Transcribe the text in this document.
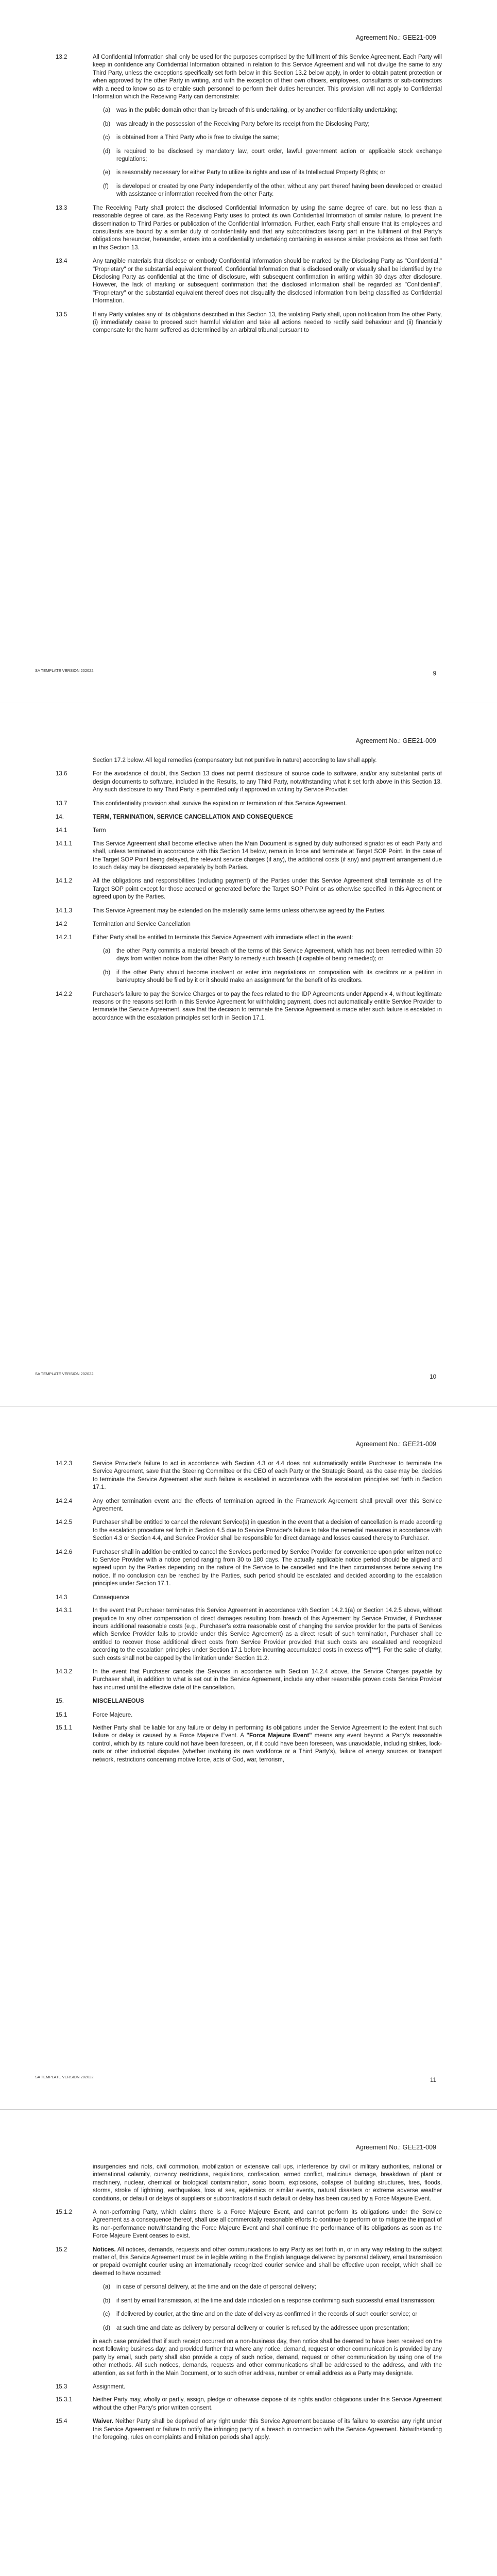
Agreement No.: GEE21-009
13.2	All Confidential Information shall only be used for the purposes comprised by the fulfilment of this Service Agreement. Each Party will keep in confidence any Confidential Information obtained in relation to this Service Agreement and will not divulge the same to any Third Party, unless the exceptions specifically set forth below in this Section 13.2 below apply, in order to obtain patent protection or when approved by the other Party in writing, and with the exception of their own officers, employees, consultants or sub-contractors with a need to know so as to enable such personnel to perform their duties hereunder. This provision will not apply to Confidential Information which the Receiving Party can demonstrate:
(a) was in the public domain other than by breach of this undertaking, or by another confidentiality undertaking;
(b) was already in the possession of the Receiving Party before its receipt from the Disclosing Party;
(c) is obtained from a Third Party who is free to divulge the same;
(d) is required to be disclosed by mandatory law, court order, lawful government action or applicable stock exchange regulations;
(e) is reasonably necessary for either Party to utilize its rights and use of its Intellectual Property Rights; or
(f) is developed or created by one Party independently of the other, without any part thereof having been developed or created with assistance or information received from the other Party.
13.3	The Receiving Party shall protect the disclosed Confidential Information by using the same degree of care, but no less than a reasonable degree of care, as the Receiving Party uses to protect its own Confidential Information of similar nature, to prevent the dissemination to Third Parties or publication of the Confidential Information. Further, each Party shall ensure that its employees and consultants are bound by a similar duty of confidentiality and that any subcontractors taking part in the fulfilment of that Party's obligations hereunder, hereunder, enters into a confidentiality undertaking containing in essence similar provisions as those set forth in this Section 13.
13.4	Any tangible materials that disclose or embody Confidential Information should be marked by the Disclosing Party as "Confidential," "Proprietary" or the substantial equivalent thereof. Confidential Information that is disclosed orally or visually shall be identified by the Disclosing Party as confidential at the time of disclosure, with subsequent confirmation in writing within 30 days after disclosure. However, the lack of marking or subsequent confirmation that the disclosed information shall be regarded as "Confidential", "Proprietary" or the substantial equivalent thereof does not disqualify the disclosed information from being classified as Confidential Information.
13.5	If any Party violates any of its obligations described in this Section 13, the violating Party shall, upon notification from the other Party, (i) immediately cease to proceed such harmful violation and take all actions needed to rectify said behaviour and (ii) financially compensate for the harm suffered as determined by an arbitral tribunal pursuant to
SA TEMPLATE VERSION 202022
9
Agreement No.: GEE21-009
Section 17.2 below. All legal remedies (compensatory but not punitive in nature) according to law shall apply.
13.6	For the avoidance of doubt, this Section 13 does not permit disclosure of source code to software, and/or any substantial parts of design documents to software, included in the Results, to any Third Party, notwithstanding what it set forth above in this Section 13. Any such disclosure to any Third Party is permitted only if approved in writing by Service Provider.
13.7	This confidentiality provision shall survive the expiration or termination of this Service Agreement.
14.	TERM, TERMINATION, SERVICE CANCELLATION AND CONSEQUENCE
14.1	Term
14.1.1	This Service Agreement shall become effective when the Main Document is signed by duly authorised signatories of each Party and shall, unless terminated in accordance with this Section 14 below, remain in force and terminate at Target SOP Point. In the case of the Target SOP Point being delayed, the relevant service charges (if any), the additional costs (if any) and payment arrangement due to such delay may be discussed separately by both Parties.
14.1.2	All the obligations and responsibilities (including payment) of the Parties under this Service Agreement shall terminate as of the Target SOP point except for those accrued or generated before the Target SOP Point or as otherwise specified in this Agreement or agreed upon by the Parties.
14.1.3	This Service Agreement may be extended on the materially same terms unless otherwise agreed by the Parties.
14.2	Termination and Service Cancellation
14.2.1	Either Party shall be entitled to terminate this Service Agreement with immediate effect in the event:
(a) the other Party commits a material breach of the terms of this Service Agreement, which has not been remedied within 30 days from written notice from the other Party to remedy such breach (if capable of being remedied); or
(b) if the other Party should become insolvent or enter into negotiations on composition with its creditors or a petition in bankruptcy should be filed by it or it should make an assignment for the benefit of its creditors.
14.2.2	Purchaser's failure to pay the Service Charges or to pay the fees related to the IDP Agreements under Appendix 4, without legitimate reasons or the reasons set forth in this Service Agreement for withholding payment, does not automatically entitle Service Provider to terminate the Service Agreement, save that the decision to terminate the Service Agreement is made after such failure is escalated in accordance with the escalation principles set forth in Section 17.1.
SA TEMPLATE VERSION 202022
10
Agreement No.: GEE21-009
14.2.3	Service Provider's failure to act in accordance with Section 4.3 or 4.4 does not automatically entitle Purchaser to terminate the Service Agreement, save that the Steering Committee or the CEO of each Party or the Strategic Board, as the case may be, decides to terminate the Service Agreement after such failure is escalated in accordance with the escalation principles set forth in Section 17.1.
14.2.4	Any other termination event and the effects of termination agreed in the Framework Agreement shall prevail over this Service Agreement.
14.2.5	Purchaser shall be entitled to cancel the relevant Service(s) in question in the event that a decision of cancellation is made according to the escalation procedure set forth in Section 4.5 due to Service Provider's failure to take the remedial measures in accordance with Section 4.3 or Section 4.4, and Service Provider shall be responsible for direct damage and losses caused thereby to Purchaser.
14.2.6	Purchaser shall in addition be entitled to cancel the Services performed by Service Provider for convenience upon prior written notice to Service Provider with a notice period ranging from 30 to 180 days. The actually applicable notice period should be aligned and agreed upon by the Parties depending on the nature of the Service to be cancelled and the then circumstances before serving the notice. If no conclusion can be reached by the Parties, such period should be escalated and decided according to the escalation principles under Section 17.1.
14.3	Consequence
14.3.1	In the event that Purchaser terminates this Service Agreement in accordance with Section 14.2.1(a) or Section 14.2.5 above, without prejudice to any other compensation of direct damages resulting from breach of this Agreement by Service Provider, if Purchaser incurs additional reasonable costs (e.g., Purchaser's extra reasonable cost of changing the service provider for the parts of Services which Service Provider fails to provide under this Service Agreement) as a direct result of such termination, Purchaser shall be entitled to recover those additional direct costs from Service Provider provided that such costs are escalated and recognized according to the escalation principles under Section 17.1 before incurring accumulated costs in excess of[***]. For the sake of clarity, such costs shall not be capped by the limitation under Section 11.2.
14.3.2	In the event that Purchaser cancels the Services in accordance with Section 14.2.4 above, the Service Charges payable by Purchaser shall, in addition to what is set out in the Service Agreement, include any other reasonable proven costs Service Provider has incurred until the effective date of the cancellation.
15.	MISCELLANEOUS
15.1	Force Majeure.
15.1.1	Neither Party shall be liable for any failure or delay in performing its obligations under the Service Agreement to the extent that such failure or delay is caused by a Force Majeure Event. A "Force Majeure Event" means any event beyond a Party's reasonable control, which by its nature could not have been foreseen, or, if it could have been foreseen, was unavoidable, including strikes, lock-outs or other industrial disputes (whether involving its own workforce or a Third Party's), failure of energy sources or transport network, restrictions concerning motive force, acts of God, war, terrorism,
SA TEMPLATE VERSION 202022
11
Agreement No.: GEE21-009
insurgencies and riots, civil commotion, mobilization or extensive call ups, interference by civil or military authorities, national or international calamity, currency restrictions, requisitions, confiscation, armed conflict, malicious damage, breakdown of plant or machinery, nuclear, chemical or biological contamination, sonic boom, explosions, collapse of building structures, fires, floods, storms, stroke of lightning, earthquakes, loss at sea, epidemics or similar events, natural disasters or extreme adverse weather conditions, or default or delays of suppliers or subcontractors if such default or delay has been caused by a Force Majeure Event.
15.1.2	A non-performing Party, which claims there is a Force Majeure Event, and cannot perform its obligations under the Service Agreement as a consequence thereof, shall use all commercially reasonable efforts to continue to perform or to mitigate the impact of its non-performance notwithstanding the Force Majeure Event and shall continue the performance of its obligations as soon as the Force Majeure Event ceases to exist.
15.2	Notices. All notices, demands, requests and other communications to any Party as set forth in, or in any way relating to the subject matter of, this Service Agreement must be in legible writing in the English language delivered by personal delivery, email transmission or prepaid overnight courier using an internationally recognized courier service and shall be effective upon receipt, which shall be deemed to have occurred:
(a) in case of personal delivery, at the time and on the date of personal delivery;
(b) if sent by email transmission, at the time and date indicated on a response confirming such successful email transmission;
(c) if delivered by courier, at the time and on the date of delivery as confirmed in the records of such courier service; or
(d) at such time and date as delivery by personal delivery or courier is refused by the addressee upon presentation;
in each case provided that if such receipt occurred on a non-business day, then notice shall be deemed to have been received on the next following business day; and provided further that where any notice, demand, request or other communication is provided by any party by email, such party shall also provide a copy of such notice, demand, request or other communication by using one of the other methods. All such notices, demands, requests and other communications shall be addressed to the address, and with the attention, as set forth in the Main Document, or to such other address, number or email address as a Party may designate.
15.3	Assignment.
15.3.1	Neither Party may, wholly or partly, assign, pledge or otherwise dispose of its rights and/or obligations under this Service Agreement without the other Party's prior written consent.
15.4	Waiver. Neither Party shall be deprived of any right under this Service Agreement because of its failure to exercise any right under this Service Agreement or failure to notify the infringing party of a breach in connection with the Service Agreement. Notwithstanding the foregoing, rules on complaints and limitation periods shall apply.
